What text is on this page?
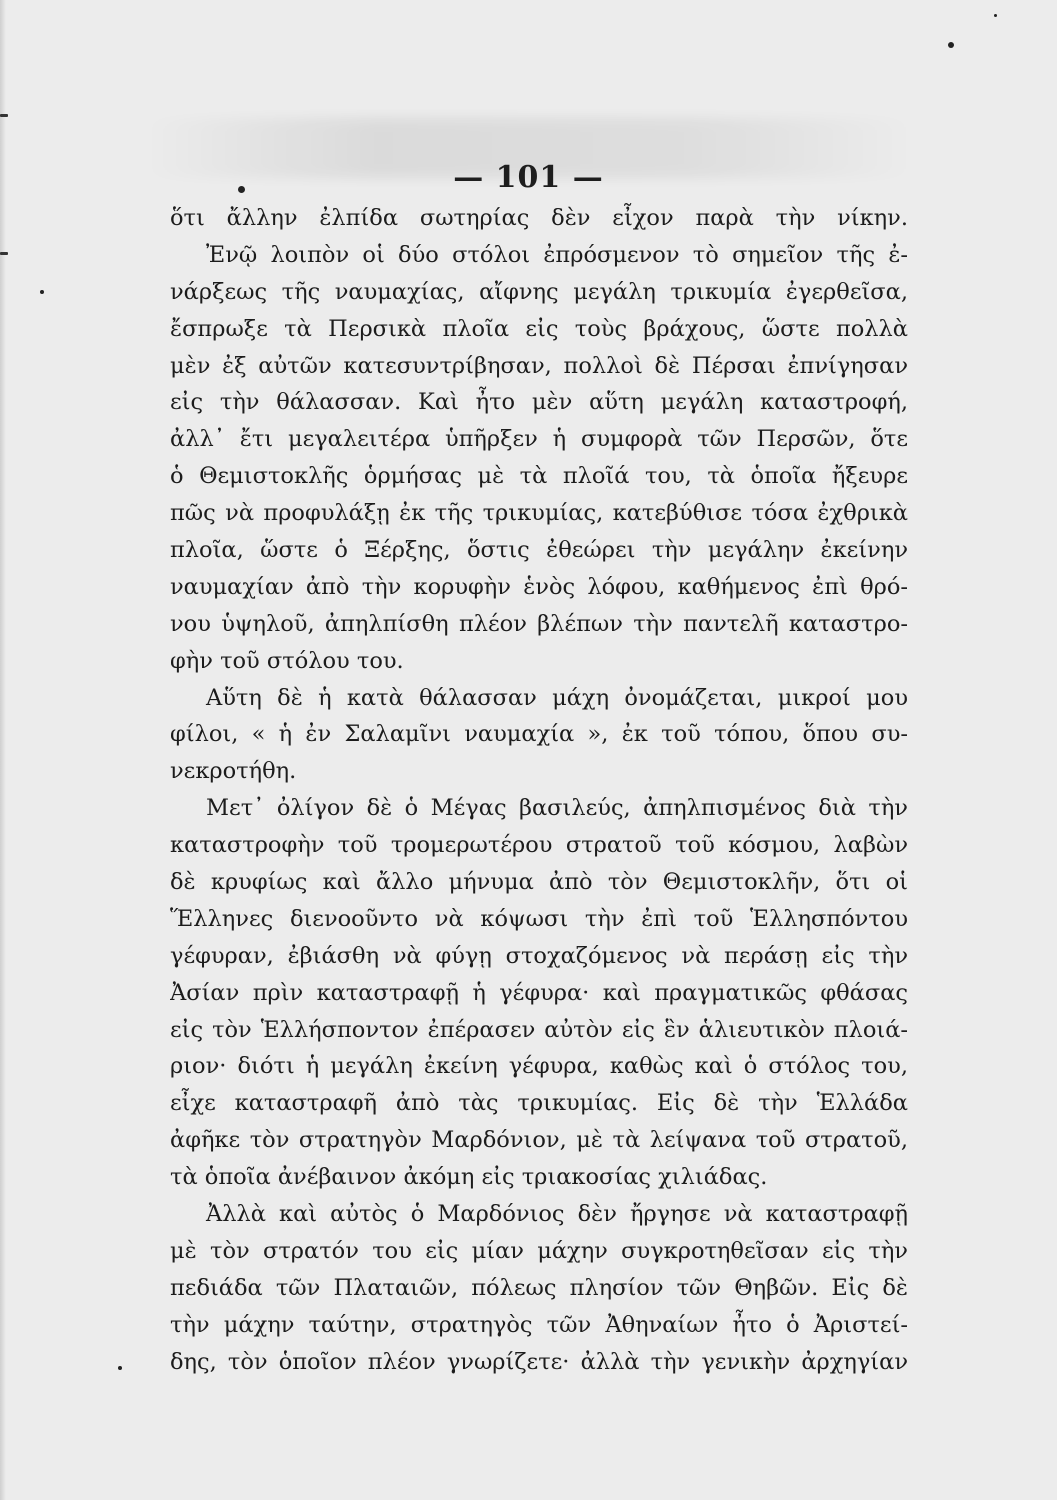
— 101 —
ὅτι ἄλλην ἐλπίδα σωτηρίας δὲν εἶχον παρὰ τὴν νίκην.
Ἐνῷ λοιπὸν οἱ δύο στόλοι ἐπρόσμενον τὸ σημεῖον τῆς ἐ-
νάρξεως τῆς ναυμαχίας, αἴφνης μεγάλη τρικυμία ἐγερθεῖσα,
ἔσπρωξε τὰ Περσικὰ πλοῖα εἰς τοὺς βράχους, ὥστε πολλὰ
μὲν ἐξ αὐτῶν κατεσυντρίβησαν, πολλοὶ δὲ Πέρσαι ἐπνίγησαν
εἰς τὴν θάλασσαν. Καὶ ἦτο μὲν αὕτη μεγάλη καταστροφή,
ἀλλ᾽ ἔτι μεγαλειτέρα ὑπῆρξεν ἡ συμφορὰ τῶν Περσῶν, ὅτε
ὁ Θεμιστοκλῆς ὁρμήσας μὲ τὰ πλοῖά του, τὰ ὁποῖα ἤξευρε
πῶς νὰ προφυλάξῃ ἐκ τῆς τρικυμίας, κατεβύθισε τόσα ἐχθρικὰ
πλοῖα, ὥστε ὁ Ξέρξης, ὅστις ἐθεώρει τὴν μεγάλην ἐκείνην
ναυμαχίαν ἀπὸ τὴν κορυφὴν ἑνὸς λόφου, καθήμενος ἐπὶ θρό-
νου ὑψηλοῦ, ἀπηλπίσθη πλέον βλέπων τὴν παντελῆ καταστρο-
φὴν τοῦ στόλου του.
Αὕτη δὲ ἡ κατὰ θάλασσαν μάχη ὀνομάζεται, μικροί μου
φίλοι, « ἡ ἐν Σαλαμῖνι ναυμαχία », ἐκ τοῦ τόπου, ὅπου συ-
νεκροτήθη.
Μετ᾽ ὀλίγον δὲ ὁ Μέγας βασιλεύς, ἀπηλπισμένος διὰ τὴν
καταστροφὴν τοῦ τρομερωτέρου στρατοῦ τοῦ κόσμου, λαβὼν
δὲ κρυφίως καὶ ἄλλο μήνυμα ἀπὸ τὸν Θεμιστοκλῆν, ὅτι οἱ
Ἕλληνες διενοοῦντο νὰ κόψωσι τὴν ἐπὶ τοῦ Ἑλλησπόντου
γέφυραν, ἐβιάσθη νὰ φύγῃ στοχαζόμενος νὰ περάσῃ εἰς τὴν
Ἀσίαν πρὶν καταστραφῇ ἡ γέφυρα· καὶ πραγματικῶς φθάσας
εἰς τὸν Ἑλλήσποντον ἐπέρασεν αὐτὸν εἰς ἓν ἁλιευτικὸν πλοιά-
ριον· διότι ἡ μεγάλη ἐκείνη γέφυρα, καθὼς καὶ ὁ στόλος του,
εἶχε καταστραφῆ ἀπὸ τὰς τρικυμίας. Εἰς δὲ τὴν Ἑλλάδα
ἀφῆκε τὸν στρατηγὸν Μαρδόνιον, μὲ τὰ λείψανα τοῦ στρατοῦ,
τὰ ὁποῖα ἀνέβαινον ἀκόμη εἰς τριακοσίας χιλιάδας.
Ἀλλὰ καὶ αὐτὸς ὁ Μαρδόνιος δὲν ἤργησε νὰ καταστραφῇ
μὲ τὸν στρατόν του εἰς μίαν μάχην συγκροτηθεῖσαν εἰς τὴν
πεδιάδα τῶν Πλαταιῶν, πόλεως πλησίον τῶν Θηβῶν. Εἰς δὲ
τὴν μάχην ταύτην, στρατηγὸς τῶν Ἀθηναίων ἦτο ὁ Ἀριστεί-
δης, τὸν ὁποῖον πλέον γνωρίζετε· ἀλλὰ τὴν γενικὴν ἀρχηγίαν
